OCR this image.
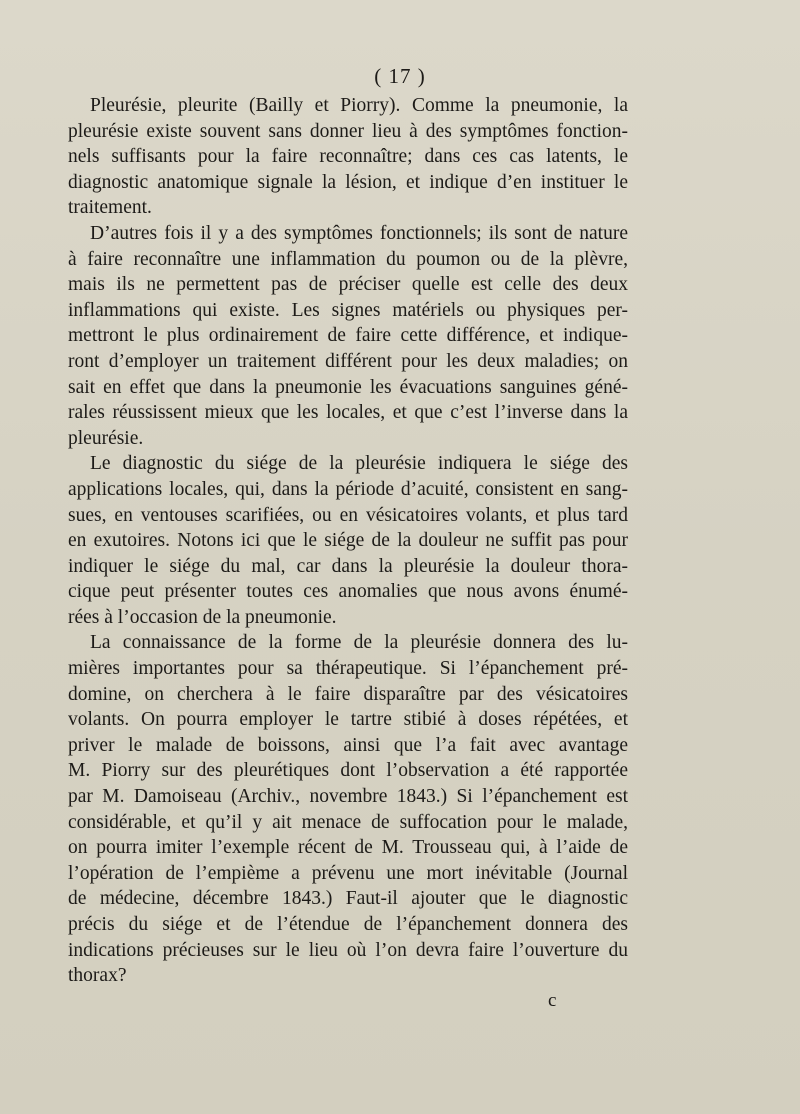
( 17 )

Pleurésie, pleurite (Bailly et Piorry). Comme la pneumonie, la
pleurésie existe souvent sans donner lieu à des symptômes fonction-
nels suffisants pour la faire reconnaître; dans ces cas latents, le
diagnostic anatomique signale la lésion, et indique d’en instituer le
traitement.

D’autres fois il y a des symptômes fonctionnels; ils sont de nature
à faire reconnaître une inflammation du poumon ou de la plèvre,
mais ils ne permettent pas de préciser quelle est celle des deux
inflammations qui existe. Les signes matériels ou physiques per-
mettront le plus ordinairement de faire cette différence, et indique-
ront d’employer un traitement différent pour les deux maladies; on
sait en effet que dans la pneumonie les évacuations sanguines géné-
rales réussissent mieux que les locales, et que c’est l’inverse dans la
pleurésie.

Le diagnostic du siége de la pleurésie indiquera le siége des
applications locales, qui, dans la période d’acuité, consistent en sang-
sues, en ventouses scarifiées, ou en vésicatoires volants, et plus tard
en exutoires. Notons ici que le siége de la douleur ne suffit pas pour
indiquer le siége du mal, car dans la pleurésie la douleur thora-
cique peut présenter toutes ces anomalies que nous avons énumé-
rées à l’occasion de la pneumonie.

La connaissance de la forme de la pleurésie donnera des lu-
mières importantes pour sa thérapeutique. Si l’épanchement pré-
domine, on cherchera à le faire disparaître par des vésicatoires
volants. On pourra employer le tartre stibié à doses répétées, et
priver le malade de boissons, ainsi que l’a fait avec avantage
M. Piorry sur des pleurétiques dont l’observation a été rapportée
par M. Damoiseau (Archiv., novembre 1843.) Si l’épanchement est
considérable, et qu’il y ait menace de suffocation pour le malade,
on pourra imiter l’exemple récent de M. Trousseau qui, à l’aide de
l’opération de l’empième a prévenu une mort inévitable (Journal
de médecine, décembre 1843.) Faut-il ajouter que le diagnostic
précis du siége et de l’étendue de l’épanchement donnera des
indications précieuses sur le lieu où l’on devra faire l’ouverture du
thorax?

c
